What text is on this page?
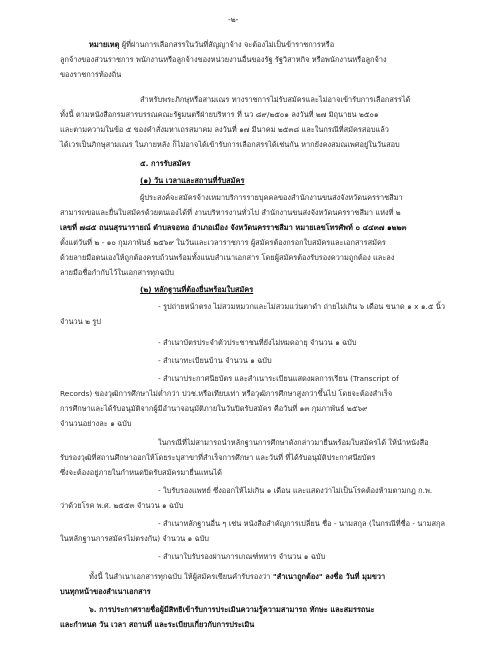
-๒-
หมายเหตุ ผู้ที่ผ่านการเลือกสรรในวันที่สัญญาจ้าง จะต้องไม่เป็นข้าราชการหรือ
ลูกจ้างของส่วนราชการ พนักงานหรือลูกจ้างของหน่วยงานอื่นของรัฐ รัฐวิสาหกิจ หรือพนักงานหรือลูกจ้าง
ของราชการท้องถิ่น
สำหรับพระภิกษุหรือสามเณร ทางราชการไม่รับสมัครและไม่อาจเข้ารับการเลือกสรรได้
ทั้งนี้ ตามหนังสือกรมสารบรรณคณะรัฐมนตรีฝ่ายบริหาร ที่ นว ๘๙/๒๕๐๑ ลงวันที่ ๒๗ มิถุนายน ๒๕๐๑
และตามความในข้อ ๕ ของคำสั่งมหาเถรสมาคม ลงวันที่ ๑๗ มีนาคม ๒๕๓๘ และในกรณีที่สมัครสอบแล้ว
ได้เวรเป็นภิกษุสามเณร ในภายหลัง ก็ไม่อาจได้เข้ารับการเลือกสรรได้เช่นกัน หากยังคงสมณเพศอยู่ในวันสอบ
๕. การรับสมัคร
(๑) วัน เวลาและสถานที่รับสมัคร
ผู้ประสงค์จะสมัครจ้างเหมาบริการรายบุคคลของสำนักงานขนส่งจังหวัดนครราชสีมา
สามารถขอและยื่นใบสมัครด้วยตนเองได้ที่ งานบริหารงานทั่วไป สำนักงานขนส่งจังหวัดนครราชสีมา แห่งที่ ๒
เลขที่ ๗๘๕ ถนนสุรนารายณ์ ตำบลจอหอ อำเภอเมือง จังหวัดนครราชสีมา หมายเลขโทรศัพท์ ๐ ๔๔๓๗ ๑๒๒๓
ตั้งแต่วันที่ ๒ - ๑๐ กุมภาพันธ์ ๒๕๖๙ ในวันและเวลาราชการ ผู้สมัครต้องกรอกใบสมัครและเอกสารสมัคร
ด้วยลายมือตนเองให้ถูกต้องครบถ้วนพร้อมทั้งแนบสำเนาเอกสาร โดยผู้สมัครต้องรับรองความถูกต้อง และลง
ลายมือชื่อกำกับไว้ในเอกสารทุกฉบับ
(๒) หลักฐานที่ต้องยื่นพร้อมใบสมัคร
- รูปถ่ายหน้าตรง ไม่สวมหมวกและไม่สวมแว่นตาดำ ถ่ายไม่เกิน ๖ เดือน ขนาด ๑ x ๑.๕ นิ้ว
จำนวน ๒ รูป
- สำเนาบัตรประจำตัวประชาชนที่ยังไม่หมดอายุ จำนวน ๑ ฉบับ
- สำเนาทะเบียนบ้าน จำนวน ๑ ฉบับ
- สำเนาประกาศนียบัตร และสำเนาระเบียนแสดงผลการเรียน (Transcript of
Records) ของวุฒิการศึกษาไม่ต่ำกว่า ปวช.หรือเทียบเท่า หรือวุฒิการศึกษาสูงกว่าขึ้นไป โดยจะต้องสำเร็จ
การศึกษาและได้รับอนุมัติจากผู้มีอำนาจอนุมัติภายในวันปิดรับสมัคร คือวันที่ ๑๓ กุมภาพันธ์ ๒๕๖๙
จำนวนอย่างละ ๑ ฉบับ
ในกรณีที่ไม่สามารถนำหลักฐานการศึกษาดังกล่าวมายื่นพร้อมใบสมัครได้ ให้นำหนังสือ
รับรองวุฒิที่สถานศึกษาออกให้โดยระบุสาขาที่สำเร็จการศึกษา และวันที่ ที่ได้รับอนุมัติประกาศนียบัตร
ซึ่งจะต้องอยู่ภายในกำหนดปิดรับสมัครมายื่นแทนได้
- ใบรับรองแพทย์ ซึ่งออกให้ไม่เกิน ๑ เดือน และแสดงว่าไม่เป็นโรคต้องห้ามตามกฎ ก.พ.
ว่าด้วยโรค พ.ศ. ๒๕๕๓ จำนวน ๑ ฉบับ
- สำเนาหลักฐานอื่น ๆ เช่น หนังสือสำคัญการเปลี่ยน ชื่อ - นามสกุล (ในกรณีที่ชื่อ - นามสกุล
ในหลักฐานการสมัครไม่ตรงกัน) จำนวน ๑ ฉบับ
- สำเนาใบรับรองผ่านการเกณฑ์ทหาร จำนวน ๑ ฉบับ
ทั้งนี้ ในสำเนาเอกสารทุกฉบับ ให้ผู้สมัครเขียนคำรับรองว่า "สำเนาถูกต้อง" ลงชื่อ วันที่ มุมขวา
บนทุกหน้าของสำเนาเอกสาร
๖. การประกาศรายชื่อผู้มีสิทธิเข้ารับการประเมินความรู้ความสามารถ ทักษะ และสมรรถนะ
และกำหนด วัน เวลา สถานที่ และระเบียบเกี่ยวกับการประเมิน
